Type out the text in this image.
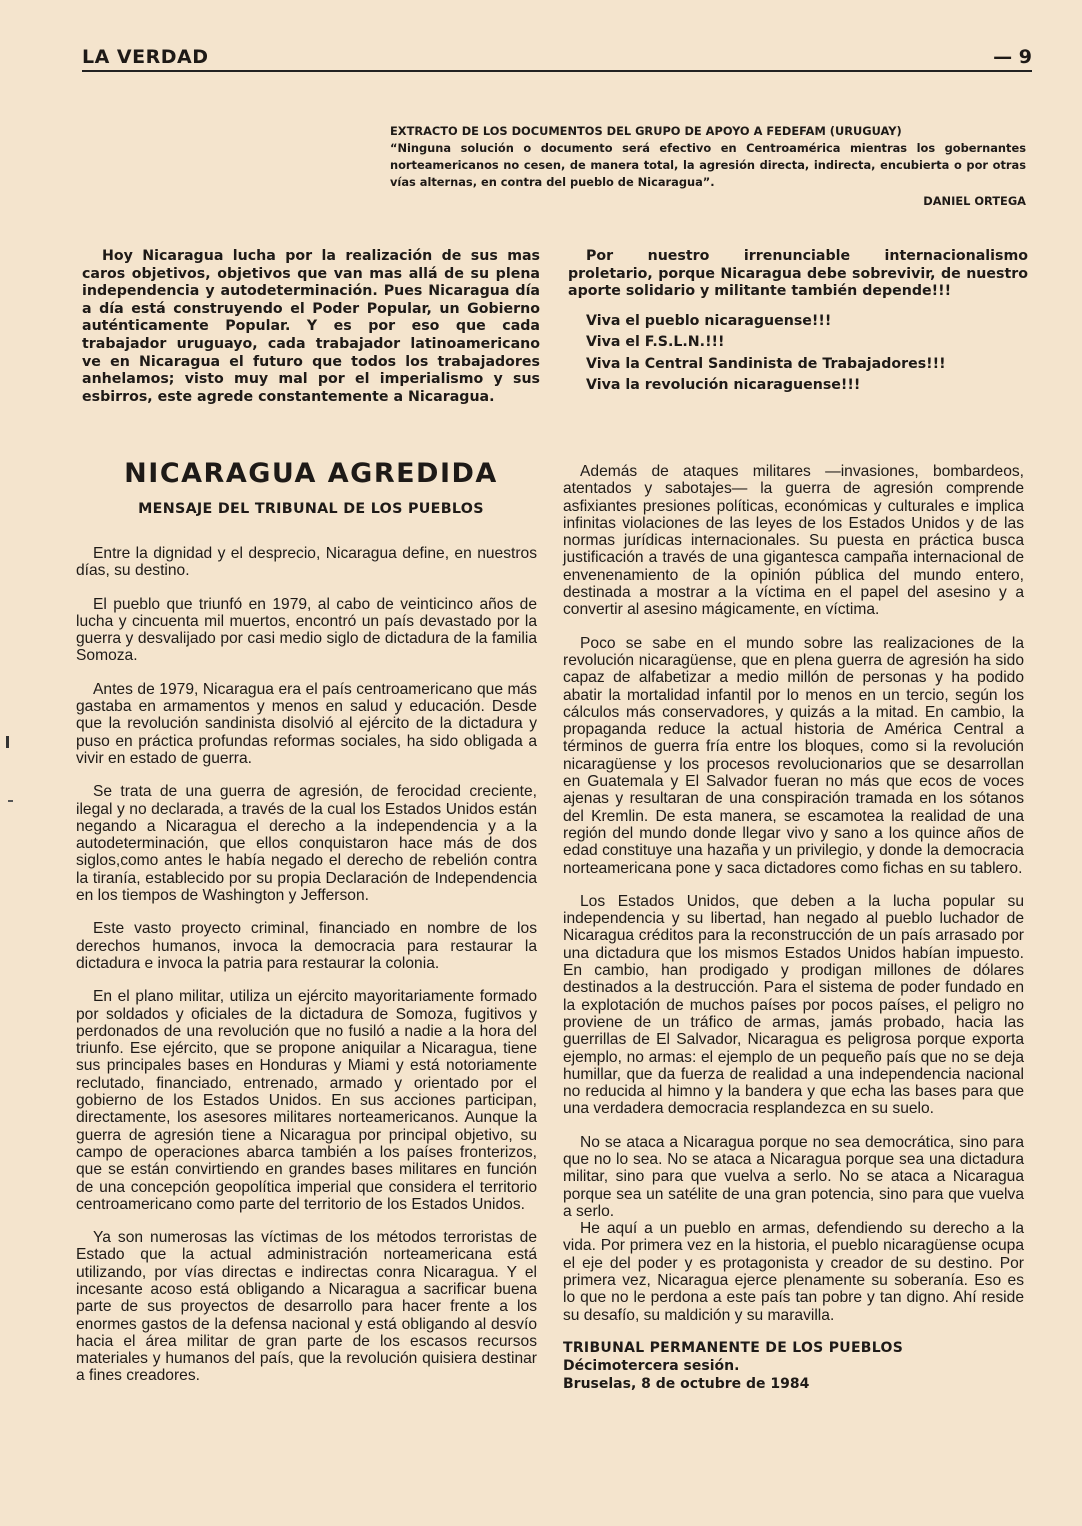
LA VERDAD	— 9

EXTRACTO DE LOS DOCUMENTOS DEL GRUPO DE APOYO A FEDEFAM (URUGUAY)

“Ninguna solución o documento será efectivo en Centroamérica mientras los gobernantes norteamericanos no cesen, de manera total, la agresión directa, indirecta, encubierta o por otras vías alternas, en contra del pueblo de Nicaragua”.

DANIEL ORTEGA

Hoy Nicaragua lucha por la realización de sus mas caros objetivos, objetivos que van mas allá de su plena independencia y autodeterminación. Pues Nicaragua día a día está construyendo el Poder Popular, un Gobierno auténticamente Popular. Y es por eso que cada trabajador uruguayo, cada trabajador latinoamericano ve en Nicaragua el futuro que todos los trabajadores anhelamos; visto muy mal por el imperialismo y sus esbirros, este agrede constantemente a Nicaragua.

Por nuestro irrenunciable internacionalismo proletario, porque Nicaragua debe sobrevivir, de nuestro aporte solidario y militante también depende!!!

Viva el pueblo nicaraguense!!!
Viva el F.S.L.N.!!!
Viva la Central Sandinista de Trabajadores!!!
Viva la revolución nicaraguense!!!
NICARAGUA AGREDIDA
MENSAJE DEL TRIBUNAL DE LOS PUEBLOS

Entre la dignidad y el desprecio, Nicaragua define, en nuestros días, su destino.

El pueblo que triunfó en 1979, al cabo de veinticinco años de lucha y cincuenta mil muertos, encontró un país devastado por la guerra y desvalijado por casi medio siglo de dictadura de la familia Somoza.

Antes de 1979, Nicaragua era el país centroamericano que más gastaba en armamentos y menos en salud y educación. Desde que la revolución sandinista disolvió al ejército de la dictadura y puso en práctica profundas reformas sociales, ha sido obligada a vivir en estado de guerra.

Se trata de una guerra de agresión, de ferocidad creciente, ilegal y no declarada, a través de la cual los Estados Unidos están negando a Nicaragua el derecho a la independencia y a la autodeterminación, que ellos conquistaron hace más de dos siglos,como antes le había negado el derecho de rebelión contra la tiranía, establecido por su propia Declaración de Independencia en los tiempos de Washington y Jefferson.

Este vasto proyecto criminal, financiado en nombre de los derechos humanos, invoca la democracia para restaurar la dictadura e invoca la patria para restaurar la colonia.

En el plano militar, utiliza un ejército mayoritariamente formado por soldados y oficiales de la dictadura de Somoza, fugitivos y perdonados de una revolución que no fusiló a nadie a la hora del triunfo. Ese ejército, que se propone aniquilar a Nicaragua, tiene sus principales bases en Honduras y Miami y está notoriamente reclutado, financiado, entrenado, armado y orientado por el gobierno de los Estados Unidos. En sus acciones participan, directamente, los asesores militares norteamericanos. Aunque la guerra de agresión tiene a Nicaragua por principal objetivo, su campo de operaciones abarca también a los países fronterizos, que se están convirtiendo en grandes bases militares en función de una concepción geopolítica imperial que considera el territorio centroamericano como parte del territorio de los Estados Unidos.

Ya son numerosas las víctimas de los métodos terroristas de Estado que la actual administración norteamericana está utilizando, por vías directas e indirectas conra Nicaragua. Y el incesante acoso está obligando a Nicaragua a sacrificar buena parte de sus proyectos de desarrollo para hacer frente a los enormes gastos de la defensa nacional y está obligando al desvío hacia el área militar de gran parte de los escasos recursos materiales y humanos del país, que la revolución quisiera destinar a fines creadores.

Además de ataques militares —invasiones, bombardeos, atentados y sabotajes— la guerra de agresión comprende asfixiantes presiones políticas, económicas y culturales e implica infinitas violaciones de las leyes de los Estados Unidos y de las normas jurídicas internacionales. Su puesta en práctica busca justificación a través de una gigantesca campaña internacional de envenenamiento de la opinión pública del mundo entero, destinada a mostrar a la víctima en el papel del asesino y a convertir al asesino mágicamente, en víctima.

Poco se sabe en el mundo sobre las realizaciones de la revolución nicaragüense, que en plena guerra de agresión ha sido capaz de alfabetizar a medio millón de personas y ha podido abatir la mortalidad infantil por lo menos en un tercio, según los cálculos más conservadores, y quizás a la mitad. En cambio, la propaganda reduce la actual historia de América Central a términos de guerra fría entre los bloques, como si la revolución nicaragüense y los procesos revolucionarios que se desarrollan en Guatemala y El Salvador fueran no más que ecos de voces ajenas y resultaran de una conspiración tramada en los sótanos del Kremlin. De esta manera, se escamotea la realidad de una región del mundo donde llegar vivo y sano a los quince años de edad constituye una hazaña y un privilegio, y donde la democracia norteamericana pone y saca dictadores como fichas en su tablero.

Los Estados Unidos, que deben a la lucha popular su independencia y su libertad, han negado al pueblo luchador de Nicaragua créditos para la reconstrucción de un país arrasado por una dictadura que los mismos Estados Unidos habían impuesto. En cambio, han prodigado y prodigan millones de dólares destinados a la destrucción. Para el sistema de poder fundado en la explotación de muchos países por pocos países, el peligro no proviene de un tráfico de armas, jamás probado, hacia las guerrillas de El Salvador, Nicaragua es peligrosa porque exporta ejemplo, no armas: el ejemplo de un pequeño país que no se deja humillar, que da fuerza de realidad a una independencia nacional no reducida al himno y la bandera y que echa las bases para que una verdadera democracia resplandezca en su suelo.

No se ataca a Nicaragua porque no sea democrática, sino para que no lo sea. No se ataca a Nicaragua porque sea una dictadura militar, sino para que vuelva a serlo. No se ataca a Nicaragua porque sea un satélite de una gran potencia, sino para que vuelva a serlo.

He aquí a un pueblo en armas, defendiendo su derecho a la vida. Por primera vez en la historia, el pueblo nicaragüense ocupa el eje del poder y es protagonista y creador de su destino. Por primera vez, Nicaragua ejerce plenamente su soberanía. Eso es lo que no le perdona a este país tan pobre y tan digno. Ahí reside su desafío, su maldición y su maravilla.

TRIBUNAL PERMANENTE DE LOS PUEBLOS
Décimotercera sesión.
Bruselas, 8 de octubre de 1984
